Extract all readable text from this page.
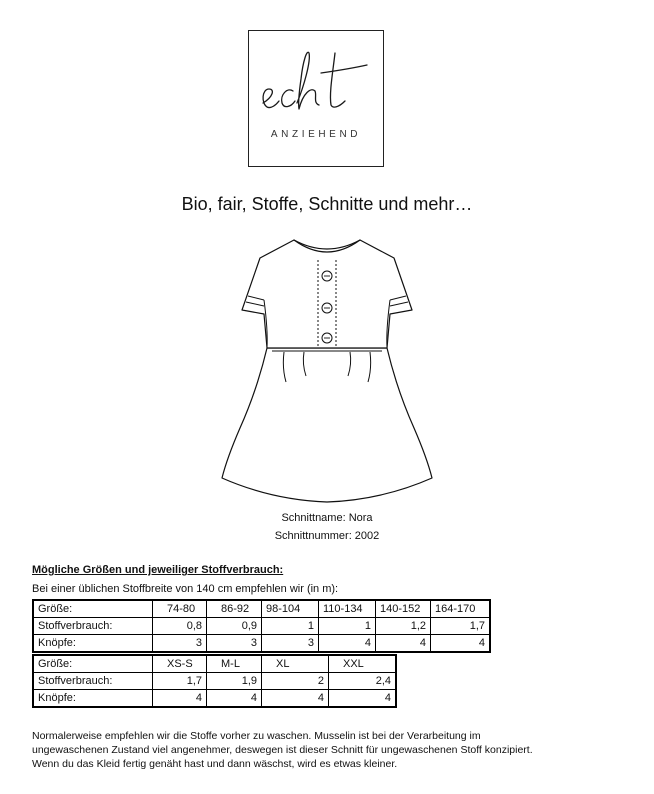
ANZIEHEND
Bio, fair, Stoffe, Schnitte und mehr…
Schnittname: Nora
Schnittnummer: 2002
Mögliche Größen und jeweiliger Stoffverbrauch:
Bei einer üblichen Stoffbreite von 140 cm empfehlen wir (in m):
Größe:	74-80	86-92	98-104	110-134	140-152	164-170
Stoffverbrauch:	0,8	0,9	1	1	1,2	1,7
Knöpfe:	3	3	3	4	4	4
Größe:	XS-S	M-L	XL	XXL
Stoffverbrauch:	1,7	1,9	2	2,4
Knöpfe:	4	4	4	4
Normalerweise empfehlen wir die Stoffe vorher zu waschen. Musselin ist bei der Verarbeitung im
ungewaschenen Zustand viel angenehmer, deswegen ist dieser Schnitt für ungewaschenen Stoff konzipiert.
Wenn du das Kleid fertig genäht hast und dann wäschst, wird es etwas kleiner.
